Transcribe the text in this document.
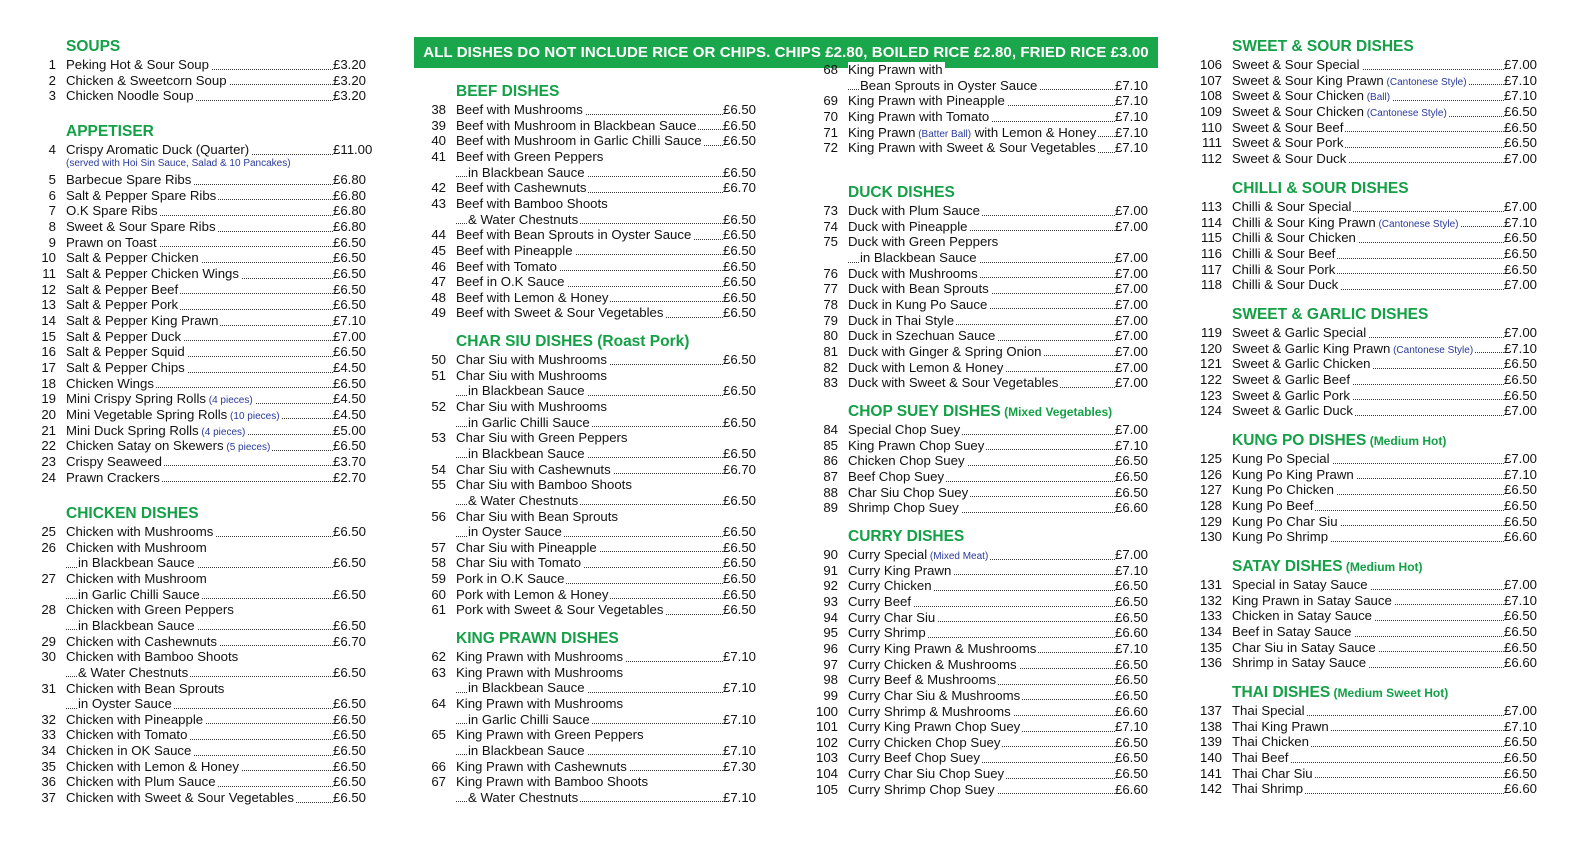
ALL DISHES DO NOT INCLUDE RICE OR CHIPS. CHIPS £2.80, BOILED RICE £2.80, FRIED RICE £3.00
SOUPS
1 Peking Hot & Sour Soup	£3.20
2 Chicken & Sweetcorn Soup	£3.20
3 Chicken Noodle Soup	£3.20
APPETISER
4 Crispy Aromatic Duck (Quarter)	£11.00
(served with Hoi Sin Sauce, Salad & 10 Pancakes)
5 Barbecue Spare Ribs	£6.80
6 Salt & Pepper Spare Ribs	£6.80
7 O.K Spare Ribs	£6.80
8 Sweet & Sour Spare Ribs	£6.80
9 Prawn on Toast	£6.50
10 Salt & Pepper Chicken	£6.50
11 Salt & Pepper Chicken Wings	£6.50
12 Salt & Pepper Beef	£6.50
13 Salt & Pepper Pork	£6.50
14 Salt & Pepper King Prawn	£7.10
15 Salt & Pepper Duck	£7.00
16 Salt & Pepper Squid	£6.50
17 Salt & Pepper Chips	£4.50
18 Chicken Wings	£6.50
19 Mini Crispy Spring Rolls (4 pieces)	£4.50
20 Mini Vegetable Spring Rolls (10 pieces)	£4.50
21 Mini Duck Spring Rolls (4 pieces)	£5.00
22 Chicken Satay on Skewers (5 pieces)	£6.50
23 Crispy Seaweed	£3.70
24 Prawn Crackers	£2.70
CHICKEN DISHES
25 Chicken with Mushrooms	£6.50
26 Chicken with Mushroom
in Blackbean Sauce	£6.50
27 Chicken with Mushroom
in Garlic Chilli Sauce	£6.50
28 Chicken with Green Peppers
in Blackbean Sauce	£6.50
29 Chicken with Cashewnuts	£6.70
30 Chicken with Bamboo Shoots
& Water Chestnuts	£6.50
31 Chicken with Bean Sprouts
in Oyster Sauce	£6.50
32 Chicken with Pineapple	£6.50
33 Chicken with Tomato	£6.50
34 Chicken in OK Sauce	£6.50
35 Chicken with Lemon & Honey	£6.50
36 Chicken with Plum Sauce	£6.50
37 Chicken with Sweet & Sour Vegetables	£6.50
BEEF DISHES
38 Beef with Mushrooms	£6.50
39 Beef with Mushroom in Blackbean Sauce	£6.50
40 Beef with Mushroom in Garlic Chilli Sauce	£6.50
41 Beef with Green Peppers
in Blackbean Sauce	£6.50
42 Beef with Cashewnuts	£6.70
43 Beef with Bamboo Shoots
& Water Chestnuts	£6.50
44 Beef with Bean Sprouts in Oyster Sauce	£6.50
45 Beef with Pineapple	£6.50
46 Beef with Tomato	£6.50
47 Beef in O.K Sauce	£6.50
48 Beef with Lemon & Honey	£6.50
49 Beef with Sweet & Sour Vegetables	£6.50
CHAR SIU DISHES (Roast Pork)
50 Char Siu with Mushrooms	£6.50
51 Char Siu with Mushrooms
in Blackbean Sauce	£6.50
52 Char Siu with Mushrooms
in Garlic Chilli Sauce	£6.50
53 Char Siu with Green Peppers
in Blackbean Sauce	£6.50
54 Char Siu with Cashewnuts	£6.70
55 Char Siu with Bamboo Shoots
& Water Chestnuts	£6.50
56 Char Siu with Bean Sprouts
in Oyster Sauce	£6.50
57 Char Siu with Pineapple	£6.50
58 Char Siu with Tomato	£6.50
59 Pork in O.K Sauce	£6.50
60 Pork with Lemon & Honey	£6.50
61 Pork with Sweet & Sour Vegetables	£6.50
KING PRAWN DISHES
62 King Prawn with Mushrooms	£7.10
63 King Prawn with Mushrooms
in Blackbean Sauce	£7.10
64 King Prawn with Mushrooms
in Garlic Chilli Sauce	£7.10
65 King Prawn with Green Peppers
in Blackbean Sauce	£7.10
66 King Prawn with Cashewnuts	£7.30
67 King Prawn with Bamboo Shoots
& Water Chestnuts	£7.10
68 King Prawn with
Bean Sprouts in Oyster Sauce	£7.10
69 King Prawn with Pineapple	£7.10
70 King Prawn with Tomato	£7.10
71 King Prawn (Batter Ball) with Lemon & Honey	£7.10
72 King Prawn with Sweet & Sour Vegetables	£7.10
DUCK DISHES
73 Duck with Plum Sauce	£7.00
74 Duck with Pineapple	£7.00
75 Duck with Green Peppers
in Blackbean Sauce	£7.00
76 Duck with Mushrooms	£7.00
77 Duck with Bean Sprouts	£7.00
78 Duck in Kung Po Sauce	£7.00
79 Duck in Thai Style	£7.00
80 Duck in Szechuan Sauce	£7.00
81 Duck with Ginger & Spring Onion	£7.00
82 Duck with Lemon & Honey	£7.00
83 Duck with Sweet & Sour Vegetables	£7.00
CHOP SUEY DISHES (Mixed Vegetables)
84 Special Chop Suey	£7.00
85 King Prawn Chop Suey	£7.10
86 Chicken Chop Suey	£6.50
87 Beef Chop Suey	£6.50
88 Char Siu Chop Suey	£6.50
89 Shrimp Chop Suey	£6.60
CURRY DISHES
90 Curry Special (Mixed Meat)	£7.00
91 Curry King Prawn	£7.10
92 Curry Chicken	£6.50
93 Curry Beef	£6.50
94 Curry Char Siu	£6.50
95 Curry Shrimp	£6.60
96 Curry King Prawn & Mushrooms	£7.10
97 Curry Chicken & Mushrooms	£6.50
98 Curry Beef & Mushrooms	£6.50
99 Curry Char Siu & Mushrooms	£6.50
100 Curry Shrimp & Mushrooms	£6.60
101 Curry King Prawn Chop Suey	£7.10
102 Curry Chicken Chop Suey	£6.50
103 Curry Beef Chop Suey	£6.50
104 Curry Char Siu Chop Suey	£6.50
105 Curry Shrimp Chop Suey	£6.60
SWEET & SOUR DISHES
106 Sweet & Sour Special	£7.00
107 Sweet & Sour King Prawn (Cantonese Style)	£7.10
108 Sweet & Sour Chicken (Ball)	£7.10
109 Sweet & Sour Chicken (Cantonese Style)	£6.50
110 Sweet & Sour Beef	£6.50
111 Sweet & Sour Pork	£6.50
112 Sweet & Sour Duck	£7.00
CHILLI & SOUR DISHES
113 Chilli & Sour Special	£7.00
114 Chilli & Sour King Prawn (Cantonese Style)	£7.10
115 Chilli & Sour Chicken	£6.50
116 Chilli & Sour Beef	£6.50
117 Chilli & Sour Pork	£6.50
118 Chilli & Sour Duck	£7.00
SWEET & GARLIC DISHES
119 Sweet & Garlic Special	£7.00
120 Sweet & Garlic King Prawn (Cantonese Style)	£7.10
121 Sweet & Garlic Chicken	£6.50
122 Sweet & Garlic Beef	£6.50
123 Sweet & Garlic Pork	£6.50
124 Sweet & Garlic Duck	£7.00
KUNG PO DISHES (Medium Hot)
125 Kung Po Special	£7.00
126 Kung Po King Prawn	£7.10
127 Kung Po Chicken	£6.50
128 Kung Po Beef	£6.50
129 Kung Po Char Siu	£6.50
130 Kung Po Shrimp	£6.60
SATAY DISHES (Medium Hot)
131 Special in Satay Sauce	£7.00
132 King Prawn in Satay Sauce	£7.10
133 Chicken in Satay Sauce	£6.50
134 Beef in Satay Sauce	£6.50
135 Char Siu in Satay Sauce	£6.50
136 Shrimp in Satay Sauce	£6.60
THAI DISHES (Medium Sweet Hot)
137 Thai Special	£7.00
138 Thai King Prawn	£7.10
139 Thai Chicken	£6.50
140 Thai Beef	£6.50
141 Thai Char Siu	£6.50
142 Thai Shrimp	£6.60
